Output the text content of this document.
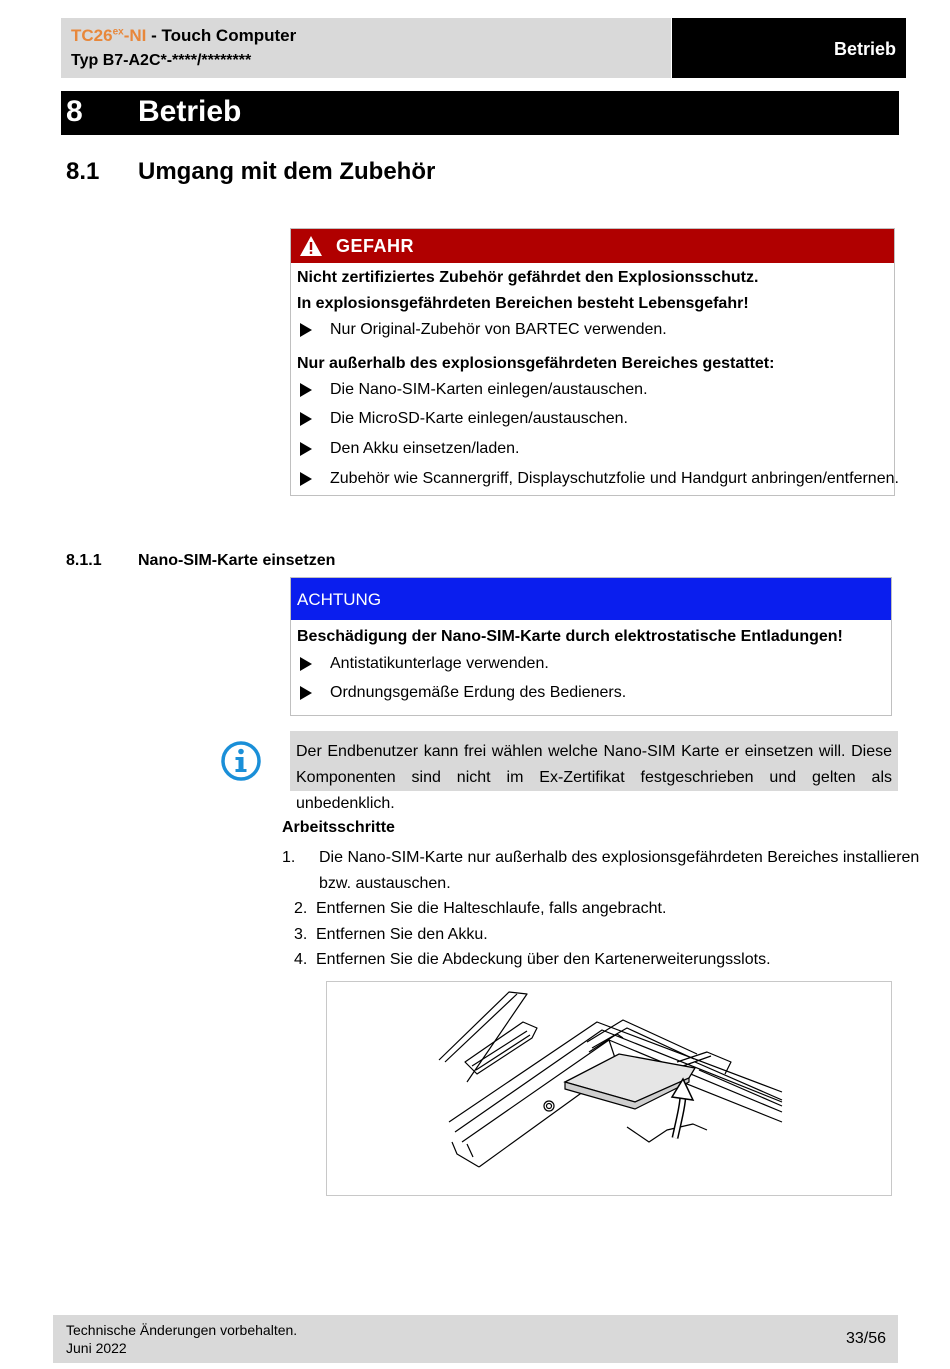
$TC26^{ex}-NI$ - Touch Computer
Typ B7-A2C*-****/********
Betrieb
8 Betrieb
8.1 Umgang mit dem Zubehör
GEFAHR
Nicht zertifiziertes Zubehör gefährdet den Explosionsschutz.
In explosionsgefährdeten Bereichen besteht Lebensgefahr!
Nur Original-Zubehör von BARTEC verwenden.
Nur außerhalb des explosionsgefährdeten Bereiches gestattet:
Die Nano-SIM-Karten einlegen/austauschen.
Die MicroSD-Karte einlegen/austauschen.
Den Akku einsetzen/laden.
Zubehör wie Scannergriff, Displayschutzfolie und Handgurt anbringen/entfernen.
8.1.1 Nano-SIM-Karte einsetzen
ACHTUNG
Beschädigung der Nano-SIM-Karte durch elektrostatische Entladungen!
Antistatikunterlage verwenden.
Ordnungsgemäße Erdung des Bedieners.
Der Endbenutzer kann frei wählen welche Nano-SIM Karte er einsetzen will. Diese Komponenten sind nicht im Ex-Zertifikat festgeschrieben und gelten als unbedenklich.
Arbeitsschritte
1. Die Nano-SIM-Karte nur außerhalb des explosionsgefährdeten Bereiches installieren
bzw. austauschen.
2. Entfernen Sie die Halteschlaufe, falls angebracht.
3. Entfernen Sie den Akku.
4. Entfernen Sie die Abdeckung über den Kartenerweiterungsslots.
Technische Änderungen vorbehalten.
Juni 2022
33/56
